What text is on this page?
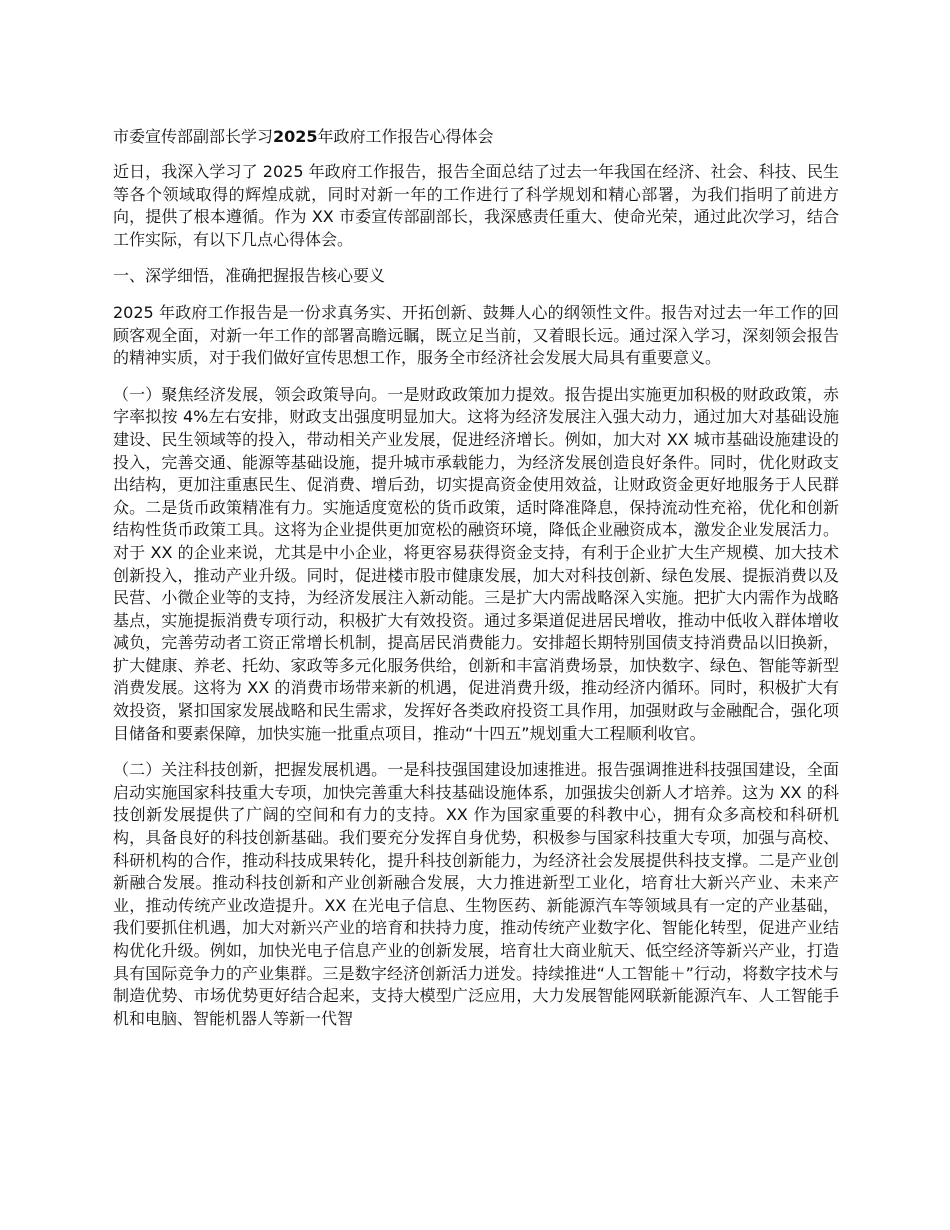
市委宣传部副部长学习2025年政府工作报告心得体会

近日，我深入学习了 2025 年政府工作报告，报告全面总结了过去一年我国在经济、社会、科技、民生等各个领域取得的辉煌成就，同时对新一年的工作进行了科学规划和精心部署，为我们指明了前进方向，提供了根本遵循。作为 XX 市委宣传部副部长，我深感责任重大、使命光荣，通过此次学习，结合工作实际，有以下几点心得体会。

一、深学细悟，准确把握报告核心要义

2025 年政府工作报告是一份求真务实、开拓创新、鼓舞人心的纲领性文件。报告对过去一年工作的回顾客观全面，对新一年工作的部署高瞻远瞩，既立足当前，又着眼长远。通过深入学习，深刻领会报告的精神实质，对于我们做好宣传思想工作，服务全市经济社会发展大局具有重要意义。

（一）聚焦经济发展，领会政策导向。一是财政政策加力提效。报告提出实施更加积极的财政政策，赤字率拟按 4%左右安排，财政支出强度明显加大。这将为经济发展注入强大动力，通过加大对基础设施建设、民生领域等的投入，带动相关产业发展，促进经济增长。例如，加大对 XX 城市基础设施建设的投入，完善交通、能源等基础设施，提升城市承载能力，为经济发展创造良好条件。同时，优化财政支出结构，更加注重惠民生、促消费、增后劲，切实提高资金使用效益，让财政资金更好地服务于人民群众。二是货币政策精准有力。实施适度宽松的货币政策，适时降准降息，保持流动性充裕，优化和创新结构性货币政策工具。这将为企业提供更加宽松的融资环境，降低企业融资成本，激发企业发展活力。对于 XX 的企业来说，尤其是中小企业，将更容易获得资金支持，有利于企业扩大生产规模、加大技术创新投入，推动产业升级。同时，促进楼市股市健康发展，加大对科技创新、绿色发展、提振消费以及民营、小微企业等的支持，为经济发展注入新动能。三是扩大内需战略深入实施。把扩大内需作为战略基点，实施提振消费专项行动，积极扩大有效投资。通过多渠道促进居民增收，推动中低收入群体增收减负，完善劳动者工资正常增长机制，提高居民消费能力。安排超长期特别国债支持消费品以旧换新，扩大健康、养老、托幼、家政等多元化服务供给，创新和丰富消费场景，加快数字、绿色、智能等新型消费发展。这将为 XX 的消费市场带来新的机遇，促进消费升级，推动经济内循环。同时，积极扩大有效投资，紧扣国家发展战略和民生需求，发挥好各类政府投资工具作用，加强财政与金融配合，强化项目储备和要素保障，加快实施一批重点项目，推动“十四五”规划重大工程顺利收官。

（二）关注科技创新，把握发展机遇。一是科技强国建设加速推进。报告强调推进科技强国建设，全面启动实施国家科技重大专项，加快完善重大科技基础设施体系，加强拔尖创新人才培养。这为 XX 的科技创新发展提供了广阔的空间和有力的支持。XX 作为国家重要的科教中心，拥有众多高校和科研机构，具备良好的科技创新基础。我们要充分发挥自身优势，积极参与国家科技重大专项，加强与高校、科研机构的合作，推动科技成果转化，提升科技创新能力，为经济社会发展提供科技支撑。二是产业创新融合发展。推动科技创新和产业创新融合发展，大力推进新型工业化，培育壮大新兴产业、未来产业，推动传统产业改造提升。XX 在光电子信息、生物医药、新能源汽车等领域具有一定的产业基础，我们要抓住机遇，加大对新兴产业的培育和扶持力度，推动传统产业数字化、智能化转型，促进产业结构优化升级。例如，加快光电子信息产业的创新发展，培育壮大商业航天、低空经济等新兴产业，打造具有国际竞争力的产业集群。三是数字经济创新活力迸发。持续推进“人工智能＋”行动，将数字技术与制造优势、市场优势更好结合起来，支持大模型广泛应用，大力发展智能网联新能源汽车、人工智能手机和电脑、智能机器人等新一代智
